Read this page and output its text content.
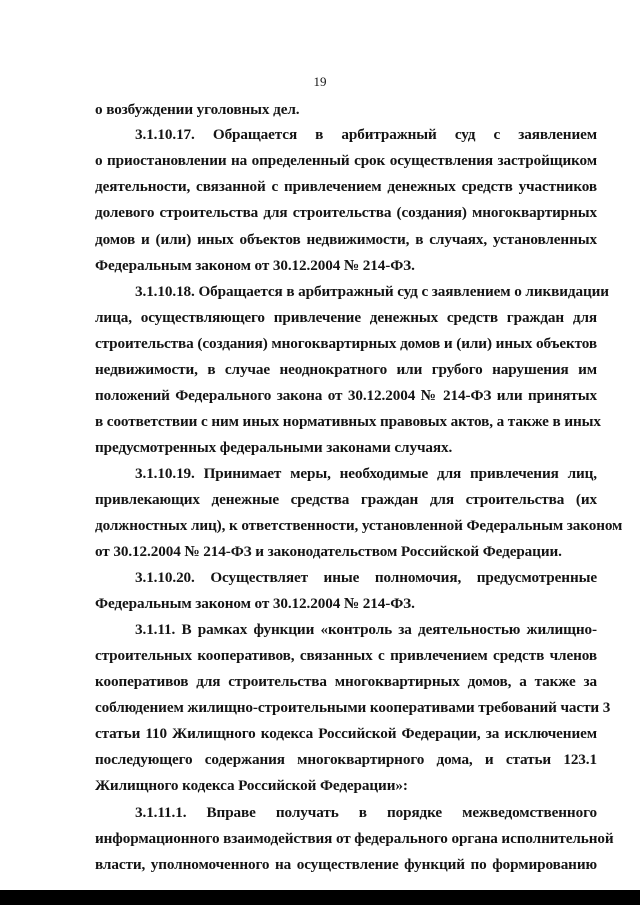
19
о возбуждении уголовных дел.
3.1.10.17. Обращается в арбитражный суд с заявлением
о приостановлении на определенный срок осуществления застройщиком
деятельности, связанной с привлечением денежных средств участников
долевого строительства для строительства (создания) многоквартирных
домов и (или) иных объектов недвижимости, в случаях, установленных
Федеральным законом от 30.12.2004 № 214-ФЗ.
3.1.10.18. Обращается в арбитражный суд с заявлением о ликвидации
лица, осуществляющего привлечение денежных средств граждан для
строительства (создания) многоквартирных домов и (или) иных объектов
недвижимости, в случае неоднократного или грубого нарушения им
положений Федерального закона от 30.12.2004 № 214-ФЗ или принятых
в соответствии с ним иных нормативных правовых актов, а также в иных
предусмотренных федеральными законами случаях.
3.1.10.19. Принимает меры, необходимые для привлечения лиц,
привлекающих денежные средства граждан для строительства (их
должностных лиц), к ответственности, установленной Федеральным законом
от 30.12.2004 № 214-ФЗ и законодательством Российской Федерации.
3.1.10.20. Осуществляет иные полномочия, предусмотренные
Федеральным законом от 30.12.2004 № 214-ФЗ.
3.1.11. В рамках функции «контроль за деятельностью жилищно-
строительных кооперативов, связанных с привлечением средств членов
кооперативов для строительства многоквартирных домов, а также за
соблюдением жилищно-строительными кооперативами требований части 3
статьи 110 Жилищного кодекса Российской Федерации, за исключением
последующего содержания многоквартирного дома, и статьи 123.1
Жилищного кодекса Российской Федерации»:
3.1.11.1. Вправе получать в порядке межведомственного
информационного взаимодействия от федерального органа исполнительной
власти, уполномоченного на осуществление функций по формированию
